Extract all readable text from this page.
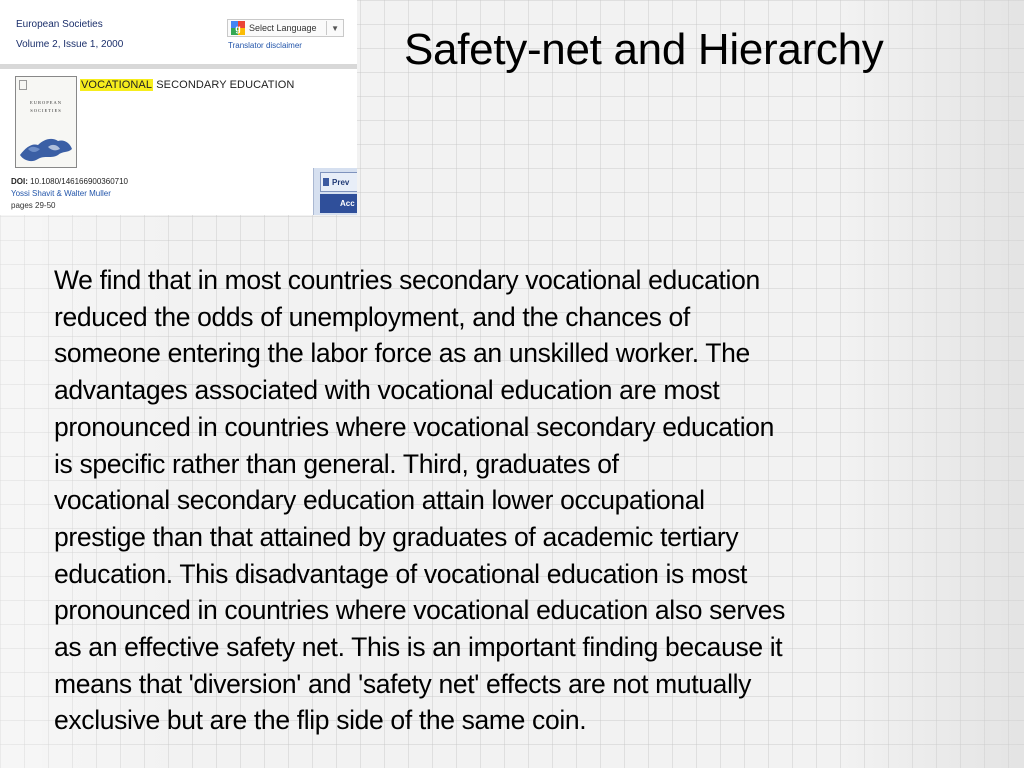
European Societies
Volume 2, Issue 1, 2000
g Select Language	▼
Translator disclaimer
EUROPEAN
SOCIETIES
VOCATIONAL SECONDARY EDUCATION
DOI: 10.1080/146166900360710
Yossi Shavit & Walter Muller
pages 29-50
Prev
Acc
Safety-net and Hierarchy

We find that in most countries secondary vocational education
reduced the odds of unemployment, and the chances of
someone entering the labor force as an unskilled worker. The
advantages associated with vocational education are most
pronounced in countries where vocational secondary education
is specific rather than general. Third, graduates of
vocational secondary education attain lower occupational
prestige than that attained by graduates of academic tertiary
education. This disadvantage of vocational education is most
pronounced in countries where vocational education also serves
as an effective safety net. This is an important finding because it
means that 'diversion' and 'safety net' effects are not mutually
exclusive but are the flip side of the same coin.
